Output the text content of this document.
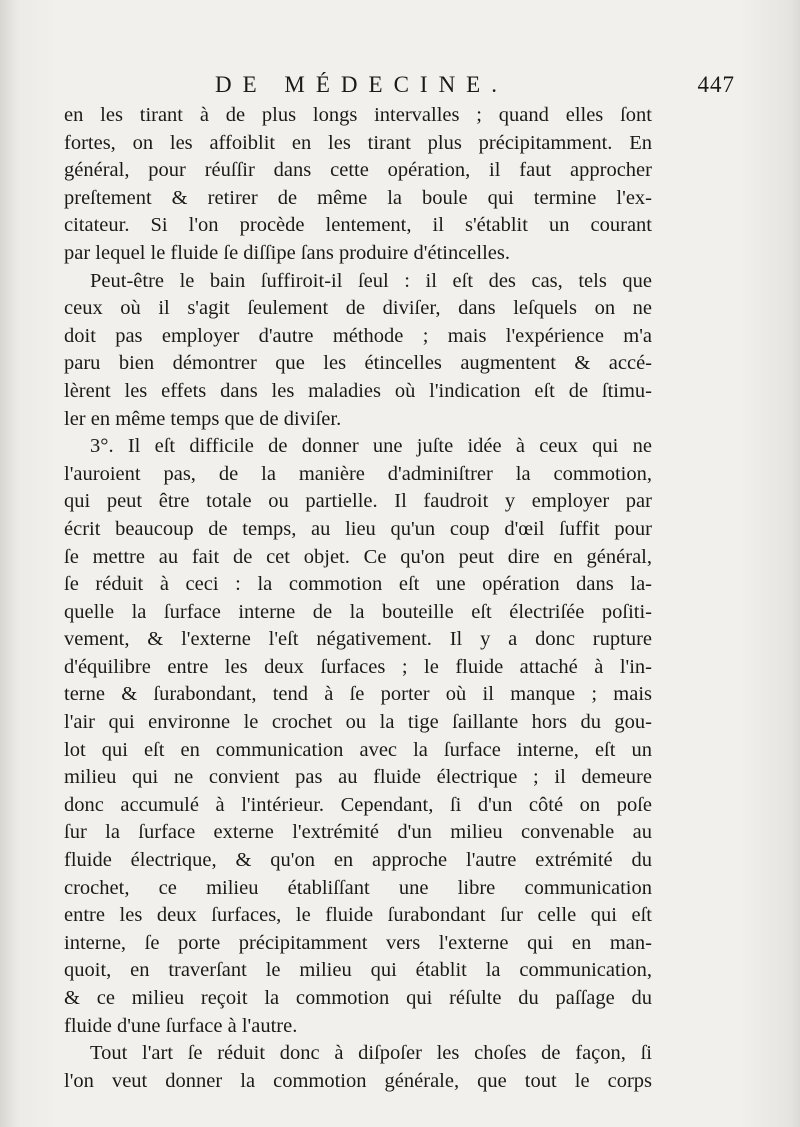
DE MÉDECINE.	447
en les tirant à de plus longs intervalles ; quand elles ſont
fortes, on les affoiblit en les tirant plus précipitamment. En
général, pour réuſſir dans cette opération, il faut approcher
preſtement & retirer de même la boule qui termine l'ex-
citateur. Si l'on procède lentement, il s'établit un courant
par lequel le fluide ſe diſſipe ſans produire d'étincelles.
Peut-être le bain ſuffiroit-il ſeul : il eſt des cas, tels que
ceux où il s'agit ſeulement de diviſer, dans leſquels on ne
doit pas employer d'autre méthode ; mais l'expérience m'a
paru bien démontrer que les étincelles augmentent & accé-
lèrent les effets dans les maladies où l'indication eſt de ſtimu-
ler en même temps que de diviſer.
3°. Il eſt difficile de donner une juſte idée à ceux qui ne
l'auroient pas, de la manière d'adminiſtrer la commotion,
qui peut être totale ou partielle. Il faudroit y employer par
écrit beaucoup de temps, au lieu qu'un coup d'œil ſuffit pour
ſe mettre au fait de cet objet. Ce qu'on peut dire en général,
ſe réduit à ceci : la commotion eſt une opération dans la-
quelle la ſurface interne de la bouteille eſt électriſée poſiti-
vement, & l'externe l'eſt négativement. Il y a donc rupture
d'équilibre entre les deux ſurfaces ; le fluide attaché à l'in-
terne & ſurabondant, tend à ſe porter où il manque ; mais
l'air qui environne le crochet ou la tige ſaillante hors du gou-
lot qui eſt en communication avec la ſurface interne, eſt un
milieu qui ne convient pas au fluide électrique ; il demeure
donc accumulé à l'intérieur. Cependant, ſi d'un côté on poſe
ſur la ſurface externe l'extrémité d'un milieu convenable au
fluide électrique, & qu'on en approche l'autre extrémité du
crochet, ce milieu établiſſant une libre communication
entre les deux ſurfaces, le fluide ſurabondant ſur celle qui eſt
interne, ſe porte précipitamment vers l'externe qui en man-
quoit, en traverſant le milieu qui établit la communication,
& ce milieu reçoit la commotion qui réſulte du paſſage du
fluide d'une ſurface à l'autre.
Tout l'art ſe réduit donc à diſpoſer les choſes de façon, ſi
l'on veut donner la commotion générale, que tout le corps
